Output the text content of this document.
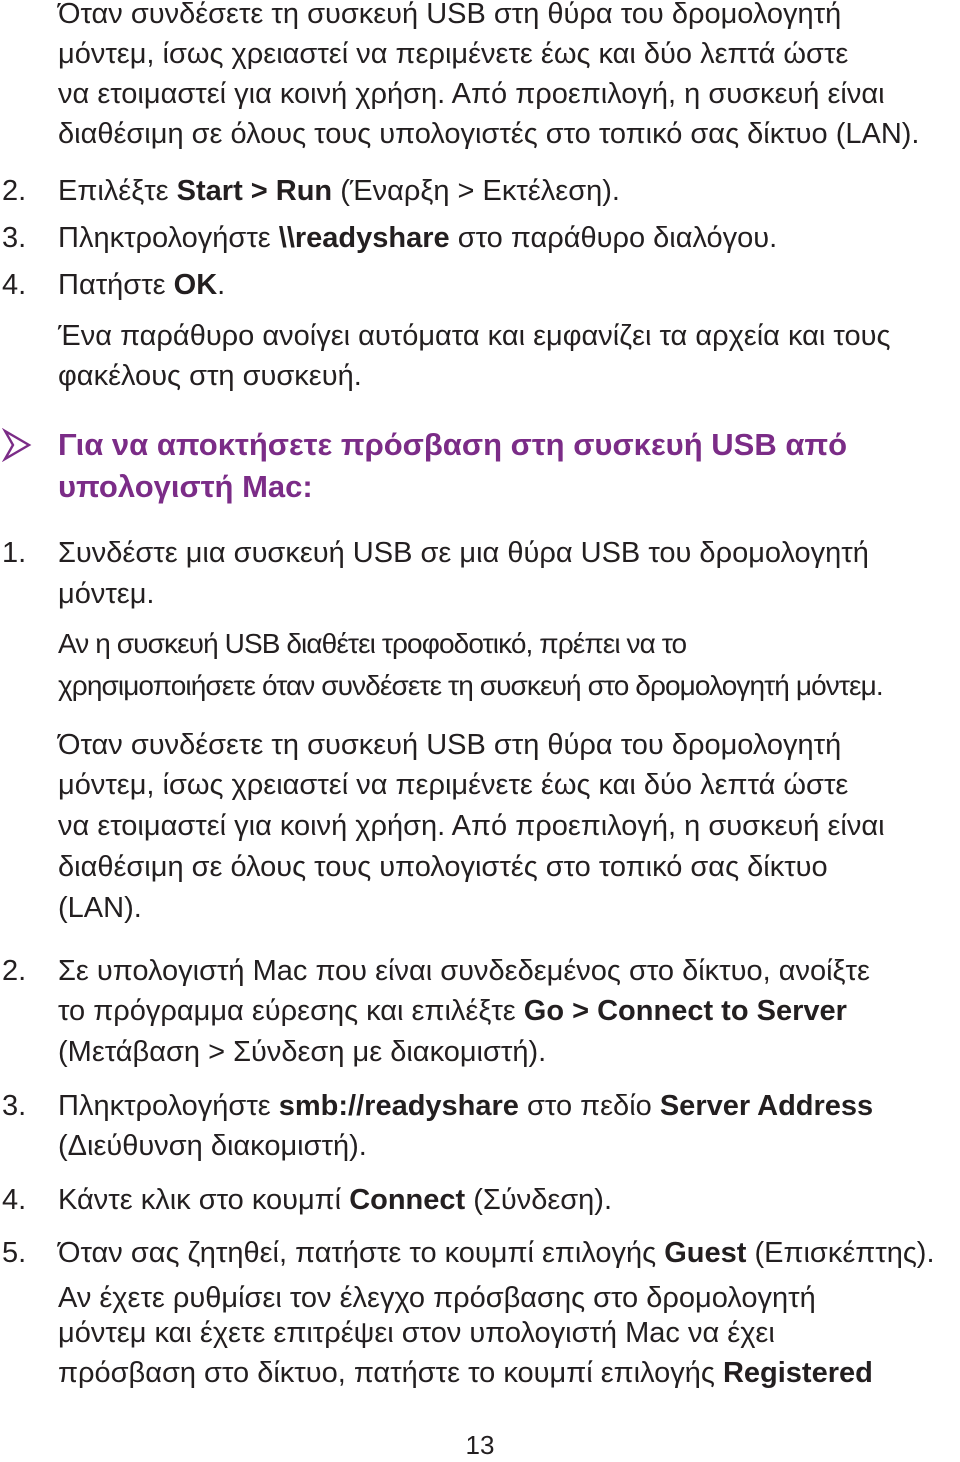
Όταν συνδέσετε τη συσκευή USB στη θύρα του δρομολογητή

μόντεμ, ίσως χρειαστεί να περιμένετε έως και δύο λεπτά ώστε

να ετοιμαστεί για κοινή χρήση. Από προεπιλογή, η συσκευή είναι

διαθέσιμη σε όλους τους υπολογιστές στο τοπικό σας δίκτυο (LAN).

2. Επιλέξτε Start > Run (Έναρξη > Εκτέλεση).

3. Πληκτρολογήστε \\readyshare στο παράθυρο διαλόγου.

4. Πατήστε OK.

Ένα παράθυρο ανοίγει αυτόματα και εμφανίζει τα αρχεία και τους

φακέλους στη συσκευή.

Για να αποκτήσετε πρόσβαση στη συσκευή USB από
υπολογιστή Mac:

1. Συνδέστε μια συσκευή USB σε μια θύρα USB του δρομολογητή

μόντεμ.

Αν η συσκευή USB διαθέτει τροφοδοτικό, πρέπει να το

χρησιμοποιήσετε όταν συνδέσετε τη συσκευή στο δρομολογητή μόντεμ.

Όταν συνδέσετε τη συσκευή USB στη θύρα του δρομολογητή

μόντεμ, ίσως χρειαστεί να περιμένετε έως και δύο λεπτά ώστε

να ετοιμαστεί για κοινή χρήση. Από προεπιλογή, η συσκευή είναι

διαθέσιμη σε όλους τους υπολογιστές στο τοπικό σας δίκτυο

(LAN).

2. Σε υπολογιστή Mac που είναι συνδεδεμένος στο δίκτυο, ανοίξτε

το πρόγραμμα εύρεσης και επιλέξτε Go > Connect to Server

(Μετάβαση > Σύνδεση με διακομιστή).

3. Πληκτρολογήστε smb://readyshare στο πεδίο Server Address

(Διεύθυνση διακομιστή).

4. Κάντε κλικ στο κουμπί Connect (Σύνδεση).

5. Όταν σας ζητηθεί, πατήστε το κουμπί επιλογής Guest (Επισκέπτης).

Αν έχετε ρυθμίσει τον έλεγχο πρόσβασης στο δρομολογητή

μόντεμ και έχετε επιτρέψει στον υπολογιστή Mac να έχει

πρόσβαση στο δίκτυο, πατήστε το κουμπί επιλογής Registered

13
